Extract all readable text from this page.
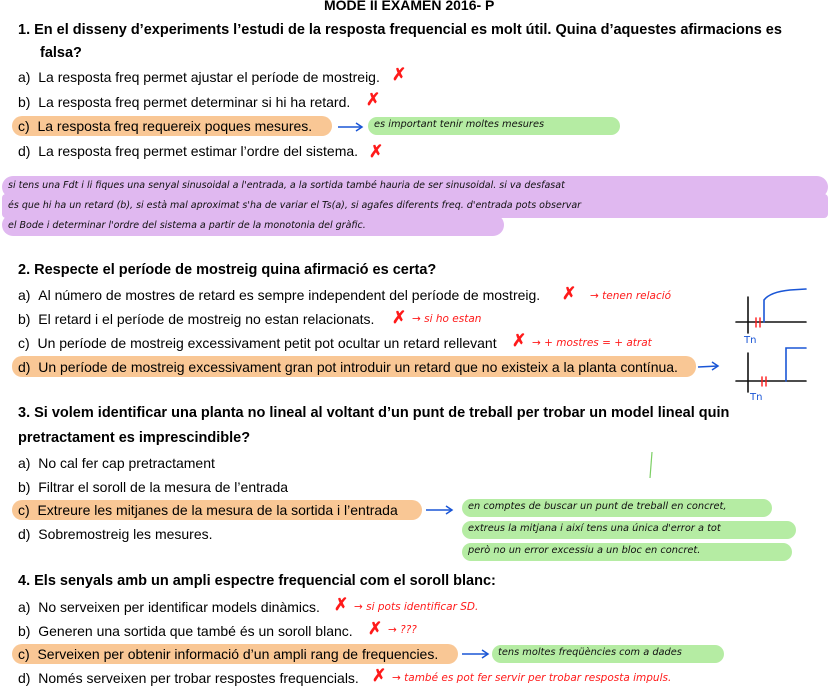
MODE II EXAMEN 2016- P
1. En el disseny d’experiments l’estudi de la resposta frequencial es molt útil. Quina d’aquestes afirmacions es
falsa?
a) La resposta freq permet ajustar el període de mostreig. ✗
b) La resposta freq permet determinar si hi ha retard. ✗
c) La resposta freq requereix poques mesures.	es important tenir moltes mesures
d) La resposta freq permet estimar l’ordre del sistema. ✗
si tens una Fdt i li fiques una senyal sinusoidal a l'entrada, a la sortida també hauria de ser sinusoidal. si va desfasat
és que hi ha un retard (b), si està mal aproximat s'ha de variar el Ts(a), si agafes diferents freq. d'entrada pots observar
el Bode i determinar l'ordre del sistema a partir de la monotonia del gràfic.
2. Respecte el període de mostreig quina afirmació es certa?
a) Al número de mostres de retard es sempre independent del període de mostreig. ✗ → tenen relació
b) El retard i el període de mostreig no estan relacionats. ✗ → si ho estan
c) Un període de mostreig excessivament petit pot ocultar un retard rellevant ✗ → + mostres = + atrat
d) Un període de mostreig excessivament gran pot introduir un retard que no existeix a la planta contínua.
Tn
Tn
3. Si volem identificar una planta no lineal al voltant d’un punt de treball per trobar un model lineal quin
pretractament es imprescindible?
a) No cal fer cap pretractament
b) Filtrar el soroll de la mesura de l’entrada
c) Extreure les mitjanes de la mesura de la sortida i l’entrada
d) Sobremostreig les mesures.
en comptes de buscar un punt de treball en concret,
extreus la mitjana i així tens una única d'error a tot
però no un error excessiu a un bloc en concret.
4. Els senyals amb un ampli espectre frequencial com el soroll blanc:
a) No serveixen per identificar models dinàmics. ✗ → si pots identificar SD.
b) Generen una sortida que també és un soroll blanc. ✗ → ???
c) Serveixen per obtenir informació d’un ampli rang de frequencies.	tens moltes freqüències com a dades
d) Només serveixen per trobar respostes frequencials. ✗ → també es pot fer servir per trobar resposta impuls.
